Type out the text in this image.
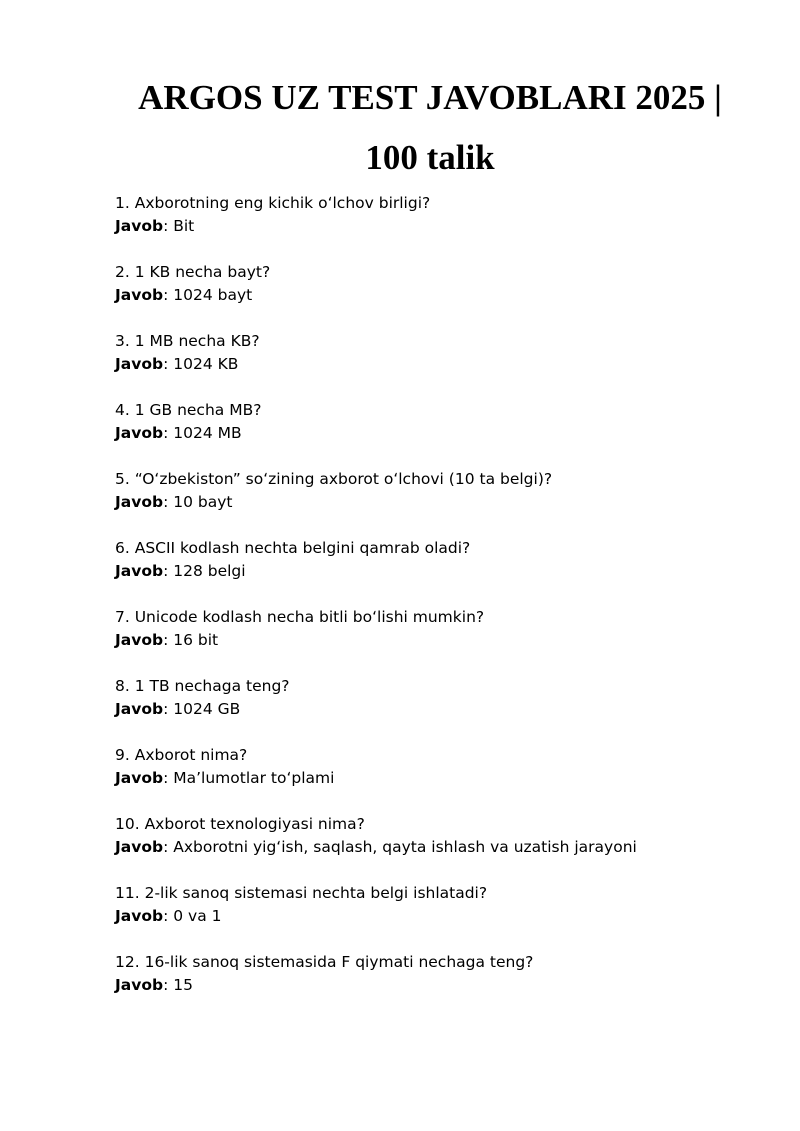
ARGOS UZ TEST JAVOBLARI 2025 |
100 talik

1. Axborotning eng kichik oʻlchov birligi?

Javob: Bit

2. 1 KB necha bayt?

Javob: 1024 bayt

3. 1 MB necha KB?

Javob: 1024 KB

4. 1 GB necha MB?

Javob: 1024 MB

5. “Oʻzbekiston” soʻzining axborot oʻlchovi (10 ta belgi)?

Javob: 10 bayt

6. ASCII kodlash nechta belgini qamrab oladi?

Javob: 128 belgi

7. Unicode kodlash necha bitli boʻlishi mumkin?

Javob: 16 bit

8. 1 TB nechaga teng?

Javob: 1024 GB

9. Axborot nima?

Javob: Maʼlumotlar toʻplami

10. Axborot texnologiyasi nima?

Javob: Axborotni yigʻish, saqlash, qayta ishlash va uzatish jarayoni

11. 2-lik sanoq sistemasi nechta belgi ishlatadi?

Javob: 0 va 1

12. 16-lik sanoq sistemasida F qiymati nechaga teng?

Javob: 15
